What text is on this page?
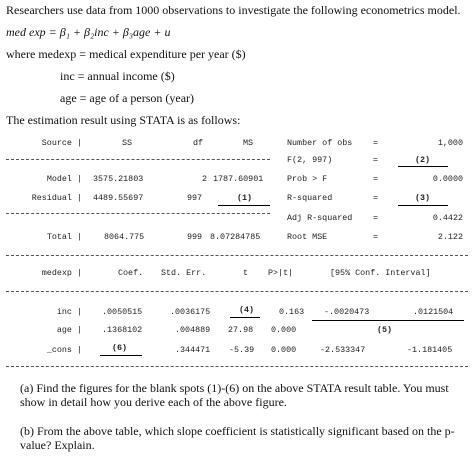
Researchers use data from 1000 observations to investigate the following econometrics model.
med exp = β₁ + β₂inc + β₃age + u
where medexp = medical expenditure per year ($)
inc = annual income ($)
age = age of a person (year)
The estimation result using STATA is as follows:
Source |	SS	df	MS
Model | 3575.21803	2 1787.60901
Residual | 4489.55697	997	(1)
Total |	8064.775	999 8.07284785
Number of obs =	1,000
F(2, 997)	=	(2)
Prob > F	=	0.0000
R-squared	=	(3)
Adj R-squared =	0.4422
Root MSE	=	2.122
medexp |	Coef. Std. Err.	t P>|t|	[95% Conf. Interval]
inc | .0050515	.0036175	(4)	0.163 -.0020473	.0121504
age | .1368102	.004889 27.98 0.000	(5)
_cons |	(6)	.344471 -5.39 0.000	-2.533347	-1.181405
(a) Find the figures for the blank spots (1)-(6) on the above STATA result table. You must show in detail how you derive each of the above figure.
(b) From the above table, which slope coefficient is statistically significant based on the p-value? Explain.
